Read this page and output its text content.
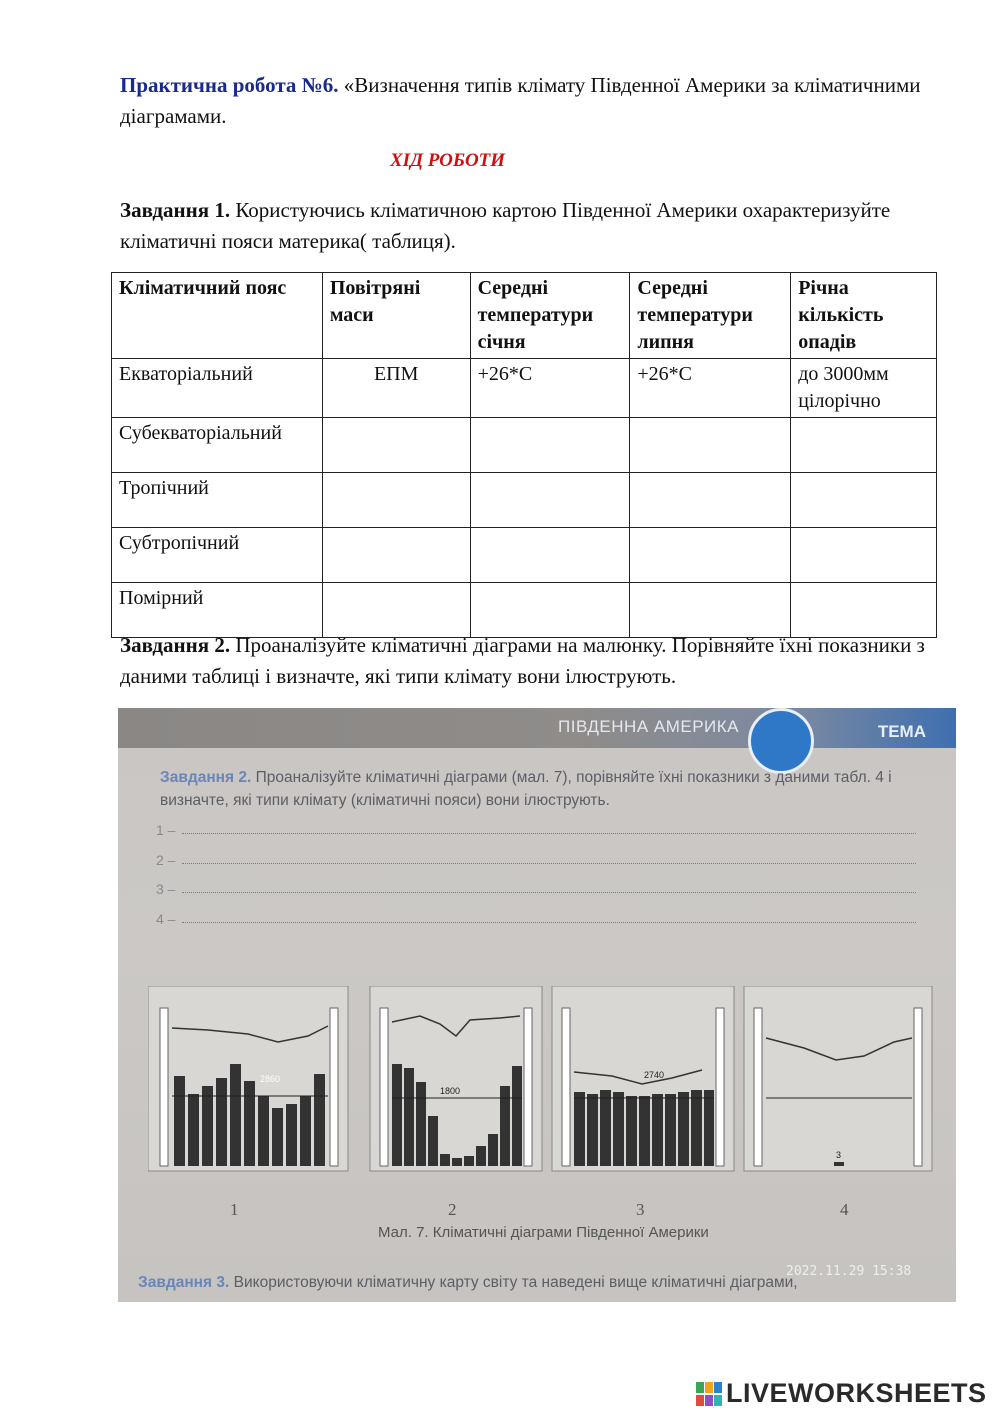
Практична робота №6. «Визначення типів клімату Південної Америки за кліматичними діаграмами.
ХІД РОБОТИ
Завдання 1. Користуючись кліматичною картою Південної Америки охарактеризуйте кліматичні пояси материка( таблиця).
Кліматичний пояс	Повітряні маси	Середні температури січня	Середні температури липня	Річна кількість опадів
Екваторіальний	ЕПМ	+26*С	+26*С	до 3000мм цілорічно
Субекваторіальний				
Тропічний				
Субтропічний				
Помірний				
Завдання 2. Проаналізуйте кліматичні діаграми на малюнку. Порівняйте їхні показники з даними таблиці і визначте, які типи клімату вони ілюструють.
ПІВДЕННА АМЕРИКА	ТЕМА
Завдання 2. Проаналізуйте кліматичні діаграми (мал. 7), порівняйте їхні показники з даними табл. 4 і визначте, які типи клімату (кліматичні пояси) вони ілюструють.
1 –
2 –
3 –
4 –
2860
1800
2740
3
1	2	3	4
Мал. 7. Кліматичні діаграми Південної Америки
2022.11.29 15:38
Завдання 3. Використовуючи кліматичну карту світу та наведені вище кліматичні діаграми,
LIVEWORKSHEETS
